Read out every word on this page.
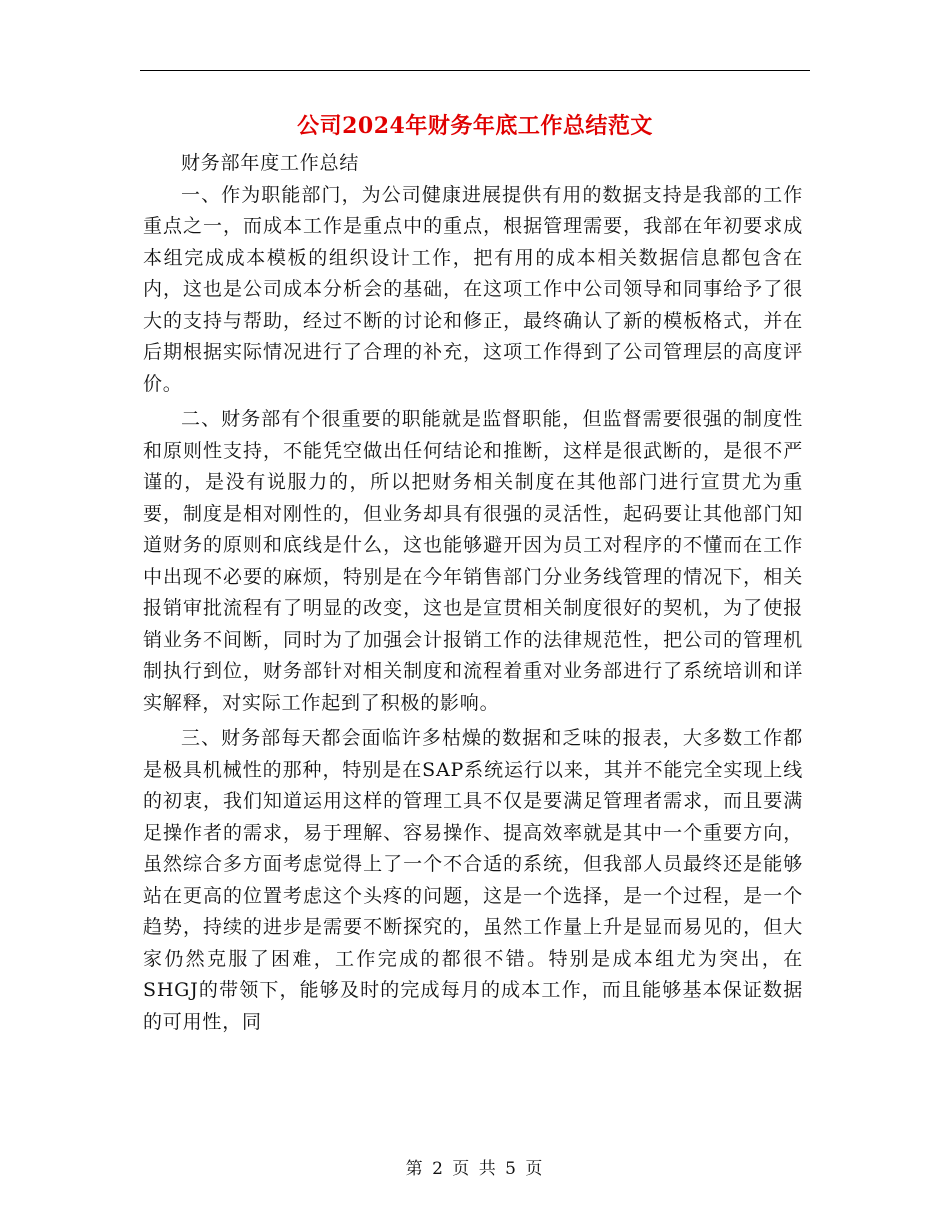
公司2024年财务年底工作总结范文

财务部年度工作总结

一、作为职能部门，为公司健康进展提供有用的数据支持是我部的工作重点之一，而成本工作是重点中的重点，根据管理需要，我部在年初要求成本组完成成本模板的组织设计工作，把有用的成本相关数据信息都包含在内，这也是公司成本分析会的基础，在这项工作中公司领导和同事给予了很大的支持与帮助，经过不断的讨论和修正，最终确认了新的模板格式，并在后期根据实际情况进行了合理的补充，这项工作得到了公司管理层的高度评价。

二、财务部有个很重要的职能就是监督职能，但监督需要很强的制度性和原则性支持，不能凭空做出任何结论和推断，这样是很武断的，是很不严谨的，是没有说服力的，所以把财务相关制度在其他部门进行宣贯尤为重要，制度是相对刚性的，但业务却具有很强的灵活性，起码要让其他部门知道财务的原则和底线是什么，这也能够避开因为员工对程序的不懂而在工作中出现不必要的麻烦，特别是在今年销售部门分业务线管理的情况下，相关报销审批流程有了明显的改变，这也是宣贯相关制度很好的契机，为了使报销业务不间断，同时为了加强会计报销工作的法律规范性，把公司的管理机制执行到位，财务部针对相关制度和流程着重对业务部进行了系统培训和详实解释，对实际工作起到了积极的影响。

三、财务部每天都会面临许多枯燥的数据和乏味的报表，大多数工作都是极具机械性的那种，特别是在SAP系统运行以来，其并不能完全实现上线的初衷，我们知道运用这样的管理工具不仅是要满足管理者需求，而且要满足操作者的需求，易于理解、容易操作、提高效率就是其中一个重要方向，虽然综合多方面考虑觉得上了一个不合适的系统，但我部人员最终还是能够站在更高的位置考虑这个头疼的问题，这是一个选择，是一个过程，是一个趋势，持续的进步是需要不断探究的，虽然工作量上升是显而易见的，但大家仍然克服了困难，工作完成的都很不错。特别是成本组尤为突出，在SHGJ的带领下，能够及时的完成每月的成本工作，而且能够基本保证数据的可用性，同

第 2 页 共 5 页
